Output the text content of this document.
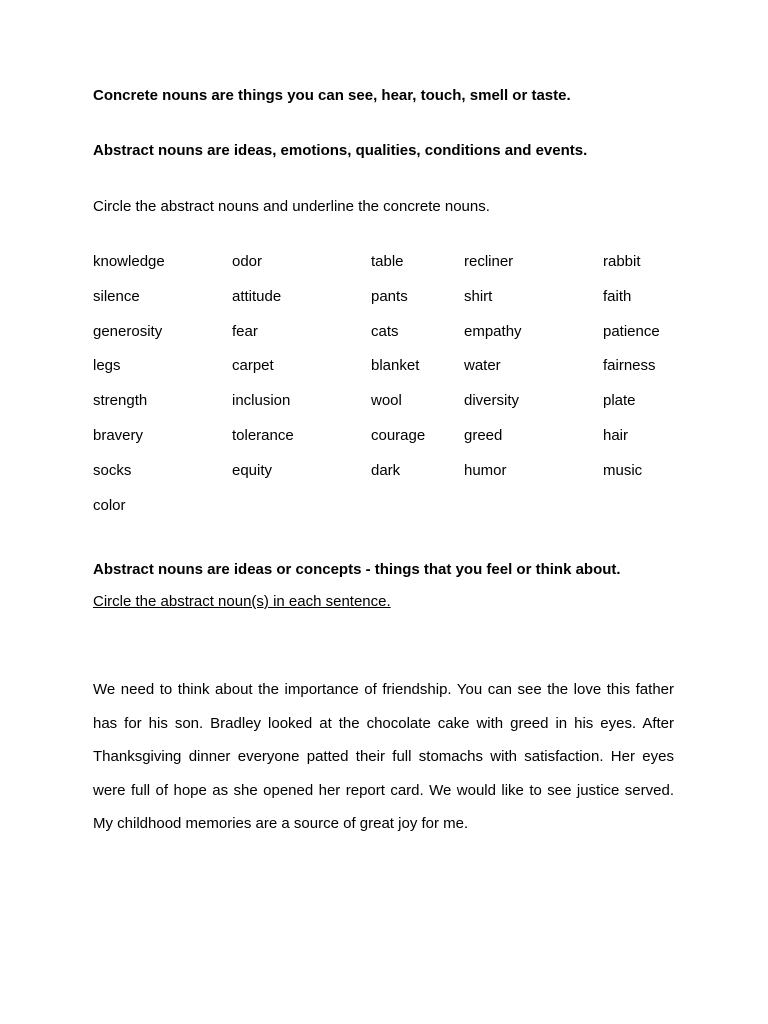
Concrete nouns are things you can see, hear, touch, smell or taste.
Abstract nouns are ideas, emotions, qualities, conditions and events.
Circle the abstract nouns and underline the concrete nouns.
knowledge	odor	table	recliner	rabbit
silence	attitude	pants	shirt	faith
generosity	fear	cats	empathy	patience
legs	carpet	blanket	water	fairness
strength	inclusion	wool	diversity	plate
bravery	tolerance	courage	greed	hair
socks	equity	dark	humor	music
color
Abstract nouns are ideas or concepts - things that you feel or think about.
Circle the abstract noun(s) in each sentence.
We need to think about the importance of friendship. You can see the love this father has for his son. Bradley looked at the chocolate cake with greed in his eyes. After Thanksgiving dinner everyone patted their full stomachs with satisfaction. Her eyes were full of hope as she opened her report card. We would like to see justice served. My childhood memories are a source of great joy for me.
